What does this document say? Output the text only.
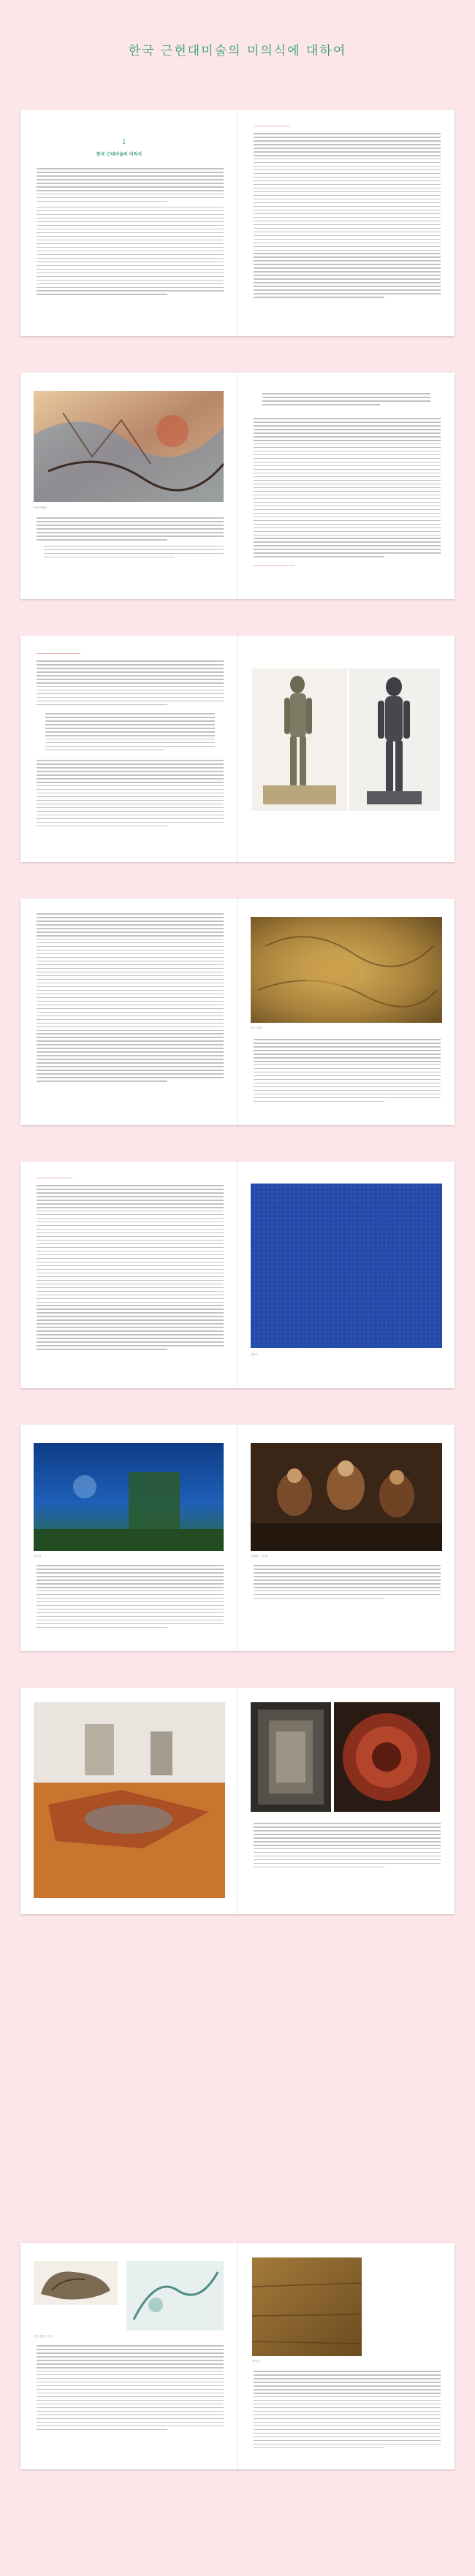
한국 근현대미술의 미의식에 대하여
1
한국 근대미술의 미의식
──────────────
보뢰 박생광
────────────────
─────────────────
지구 공장
──────────────
김환기
이우환	이쾌대, 〈군상〉
근원 김용준, 선 등
박서보
